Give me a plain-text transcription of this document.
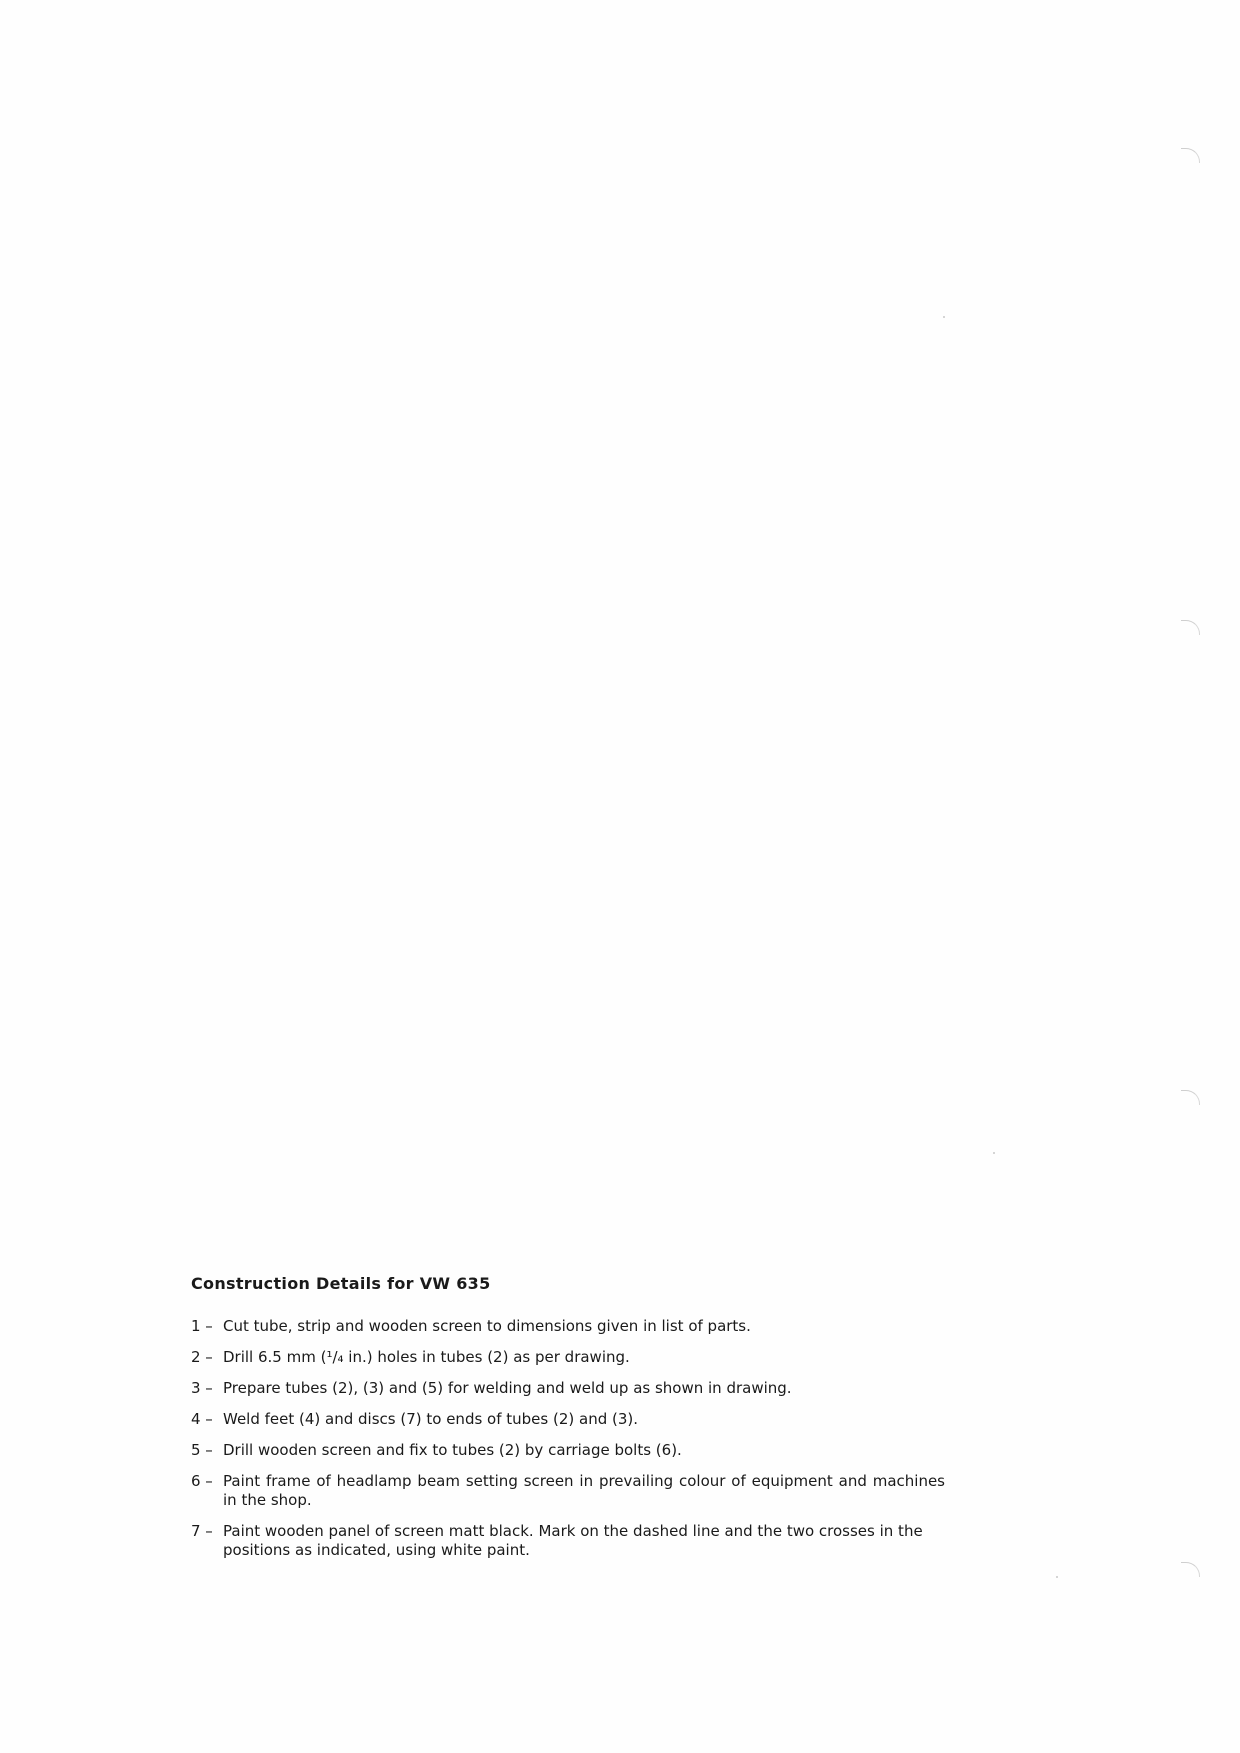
Construction Details for VW 635
1 – Cut tube, strip and wooden screen to dimensions given in list of parts.
2 – Drill 6.5 mm (¹/₄ in.) holes in tubes (2) as per drawing.
3 – Prepare tubes (2), (3) and (5) for welding and weld up as shown in drawing.
4 – Weld feet (4) and discs (7) to ends of tubes (2) and (3).
5 – Drill wooden screen and fix to tubes (2) by carriage bolts (6).
6 – Paint frame of headlamp beam setting screen in prevailing colour of equipment and machines in the shop.
7 – Paint wooden panel of screen matt black. Mark on the dashed line and the two crosses in the positions as indicated, using white paint.
